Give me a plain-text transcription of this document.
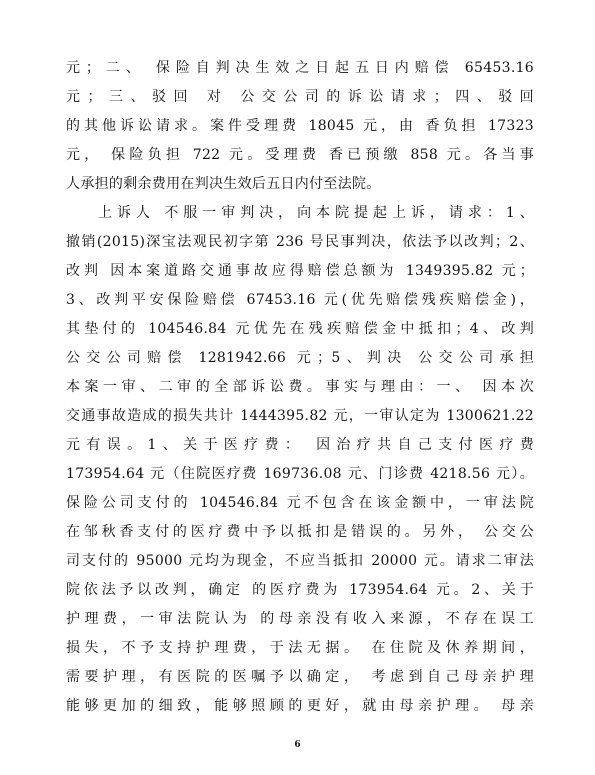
元；二、 保险自判决生效之日起五日内赔偿 65453.16
元；三、驳回 对 公交公司的诉讼请求；四、驳回
的其他诉讼请求。案件受理费 18045 元，由 香负担 17323
元， 保险负担 722 元。受理费 香已预缴 858 元。各当事
人承担的剩余费用在判决生效后五日内付至法院。
上诉人 不服一审判决，向本院提起上诉，请求：1、
撤销(2015)深宝法观民初字第 236 号民事判决，依法予以改判；2、
改判 因本案道路交通事故应得赔偿总额为 1349395.82 元；
3、改判平安保险赔偿 67453.16 元(优先赔偿残疾赔偿金)，
其垫付的 104546.84 元优先在残疾赔偿金中抵扣；4、改判
公交公司赔偿 1281942.66 元；5、判决 公交公司承担
本案一审、二审的全部诉讼费。事实与理由：一、 因本次
交通事故造成的损失共计 1444395.82 元，一审认定为 1300621.22
元有误。1、关于医疗费： 因治疗共自己支付医疗费
173954.64 元（住院医疗费 169736.08 元、门诊费 4218.56 元）。
保险公司支付的 104546.84 元不包含在该金额中，一审法院
在邹秋香支付的医疗费中予以抵扣是错误的。另外， 公交公
司支付的 95000 元均为现金，不应当抵扣 20000 元。请求二审法
院依法予以改判，确定 的医疗费为 173954.64 元。2、关于
护理费，一审法院认为 的母亲没有收入来源，不存在误工
损失，不予支持护理费，于法无据。 在住院及休养期间，
需要护理，有医院的医嘱予以确定， 考虑到自己母亲护理
能够更加的细致，能够照顾的更好，就由母亲护理。 母亲
6
